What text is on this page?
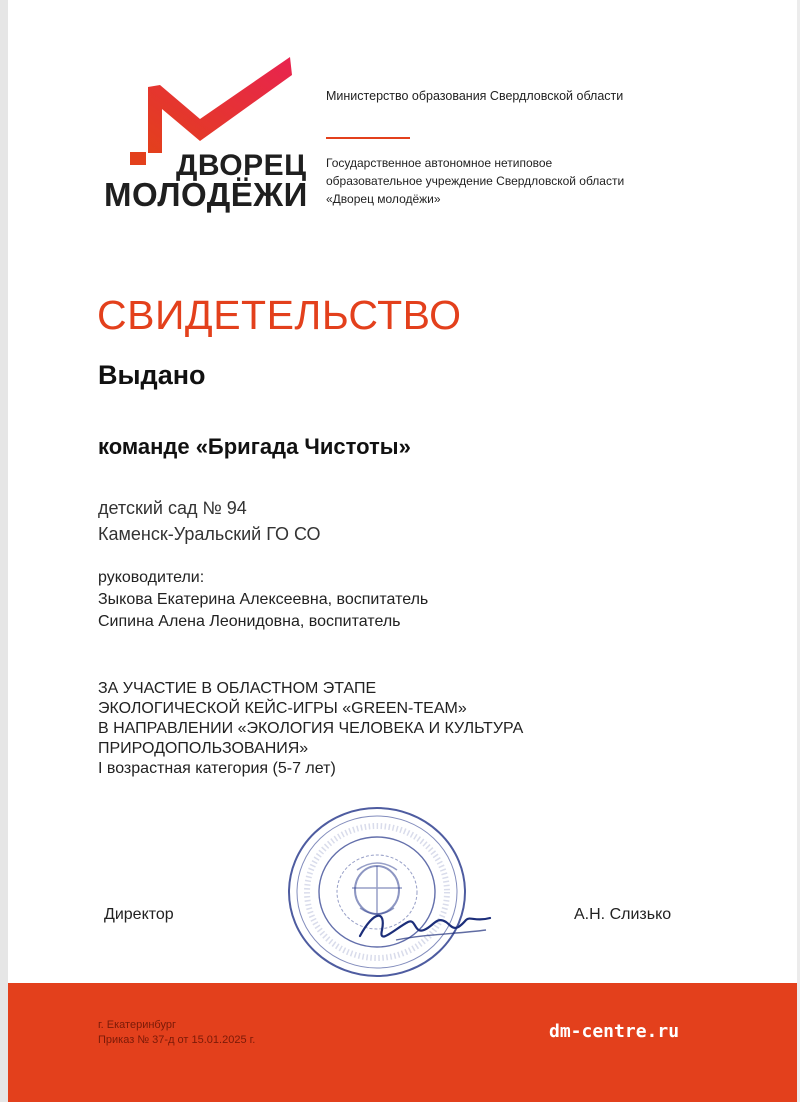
ДВОРЕЦ
МОЛОДЁЖИ
Министерство образования Свердловской области
Государственное автономное нетиповое
образовательное учреждение Свердловской области
«Дворец молодёжи»
СВИДЕТЕЛЬСТВО
Выдано
команде «Бригада Чистоты»
детский сад № 94
Каменск-Уральский ГО СО
руководители:
Зыкова Екатерина Алексеевна, воспитатель
Сипина Алена Леонидовна, воспитатель
ЗА УЧАСТИЕ В ОБЛАСТНОМ ЭТАПЕ
ЭКОЛОГИЧЕСКОЙ КЕЙС-ИГРЫ «GREEN-TEAM»
В НАПРАВЛЕНИИ «ЭКОЛОГИЯ ЧЕЛОВЕКА И КУЛЬТУРА
ПРИРОДОПОЛЬЗОВАНИЯ»
I возрастная категория (5-7 лет)
Директор	А.Н. Слизько
г. Екатеринбург
Приказ № 37-д от 15.01.2025 г.	dm-centre.ru
